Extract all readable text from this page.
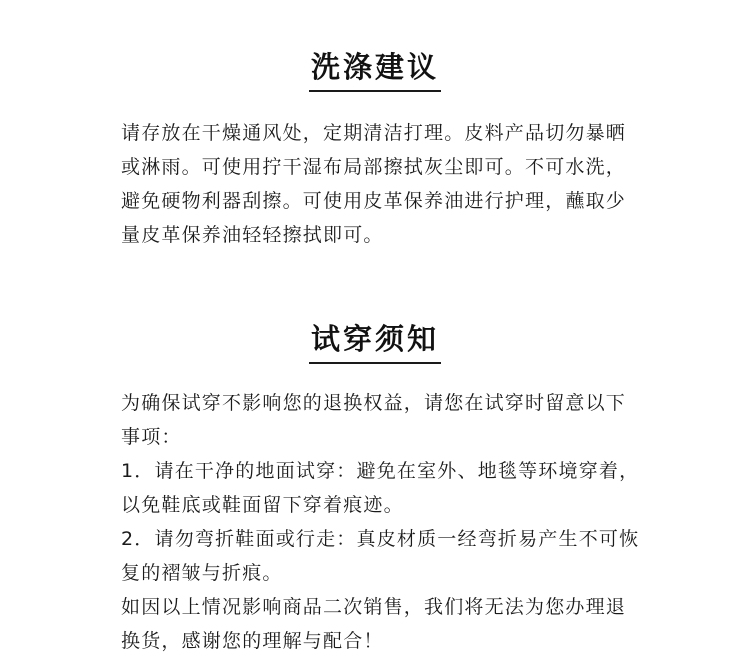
洗涤建议

请存放在干燥通风处，定期清洁打理。皮料产品切勿暴晒或淋雨。可使用拧干湿布局部擦拭灰尘即可。不可水洗，避免硬物利器刮擦。可使用皮革保养油进行护理，蘸取少量皮革保养油轻轻擦拭即可。

试穿须知

为确保试穿不影响您的退换权益，请您在试穿时留意以下事项：

1．请在干净的地面试穿：避免在室外、地毯等环境穿着，以免鞋底或鞋面留下穿着痕迹。

2．请勿弯折鞋面或行走：真皮材质一经弯折易产生不可恢复的褶皱与折痕。

如因以上情况影响商品二次销售，我们将无法为您办理退换货，感谢您的理解与配合！
